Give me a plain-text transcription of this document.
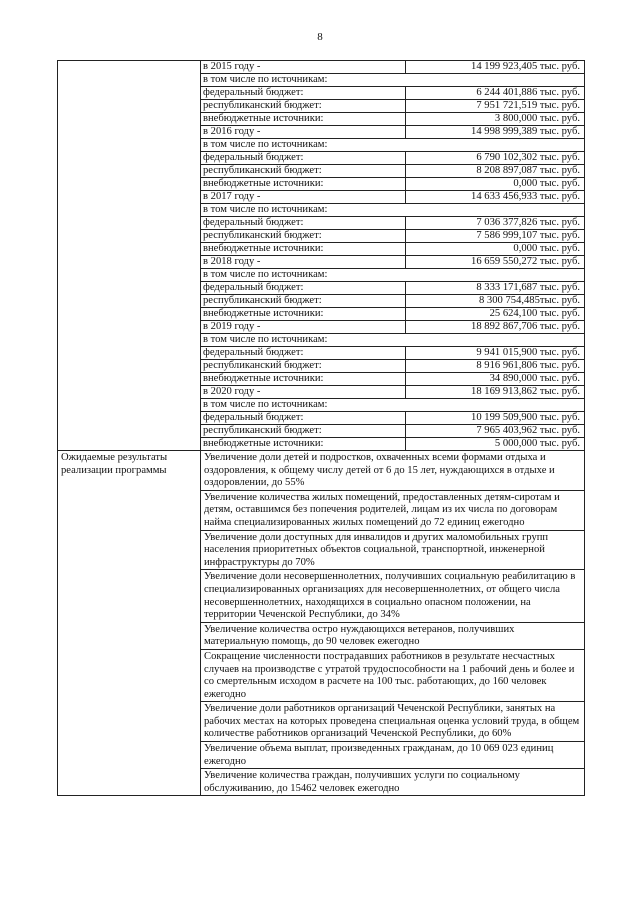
8
	в 2015 году -	14 199 923,405 тыс. руб.
	в том числе по источникам:	
	федеральный бюджет:	6 244 401,886 тыс. руб.
	республиканский бюджет:	7 951 721,519 тыс. руб.
	внебюджетные источники:	3 800,000 тыс. руб.
	в 2016 году -	14 998 999,389 тыс. руб.
	в том числе по источникам:	
	федеральный бюджет:	6 790 102,302 тыс. руб.
	республиканский бюджет:	8 208 897,087 тыс. руб.
	внебюджетные источники:	0,000 тыс. руб.
	в 2017 году -	14 633 456,933 тыс. руб.
	в том числе по источникам:	
	федеральный бюджет:	7 036 377,826 тыс. руб.
	республиканский бюджет:	7 586 999,107 тыс. руб.
	внебюджетные источники:	0,000 тыс. руб.
	в 2018 году -	16 659 550,272 тыс. руб.
	в том числе по источникам:	
	федеральный бюджет:	8 333 171,687 тыс. руб.
	республиканский бюджет:	8 300 754,485тыс. руб.
	внебюджетные источники:	25 624,100 тыс. руб.
	в 2019 году -	18 892 867,706 тыс. руб.
	в том числе по источникам:	
	федеральный бюджет:	9 941 015,900 тыс. руб.
	республиканский бюджет:	8 916 961,806 тыс. руб.
	внебюджетные источники:	34 890,000 тыс. руб.
	в 2020 году -	18 169 913,862 тыс. руб.
	в том числе по источникам:	
	федеральный бюджет:	10 199 509,900 тыс. руб.
	республиканский бюджет:	7 965 403,962 тыс. руб.
	внебюджетные источники:	5 000,000 тыс. руб.
Ожидаемые результаты реализации программы	Увеличение доли детей и подростков, охваченных всеми формами отдыха и оздоровления, к общему числу детей от 6 до 15 лет, нуждающихся в отдыхе и оздоровлении, до 55%	
	Увеличение количества жилых помещений, предоставленных детям-сиротам и детям, оставшимся без попечения родителей, лицам из их числа по договорам найма специализированных жилых помещений до 72 единиц ежегодно	
	Увеличение доли доступных для инвалидов и других маломобильных групп населения приоритетных объектов социальной, транспортной, инженерной инфраструктуры до 70%	
	Увеличение доли несовершеннолетних, получивших социальную реабилитацию в специализированных организациях для несовершеннолетних, от общего числа несовершеннолетних, находящихся в социально опасном положении, на территории Чеченской Республики, до 34%	
	Увеличение количества остро нуждающихся ветеранов, получивших материальную помощь, до 90 человек ежегодно	
	Сокращение численности пострадавших работников в результате несчастных случаев на производстве с утратой трудоспособности на 1 рабочий день и более и со смертельным исходом в расчете на 100 тыс. работающих, до 160 человек ежегодно	
	Увеличение доли работников организаций Чеченской Республики, занятых на рабочих местах на которых проведена специальная оценка условий труда, в общем количестве работников организаций Чеченской Республики, до 60%	
	Увеличение объема выплат, произведенных гражданам, до 10 069 023 единиц ежегодно	
	Увеличение количества граждан, получивших услуги по социальному обслуживанию, до 15462 человек ежегодно	
